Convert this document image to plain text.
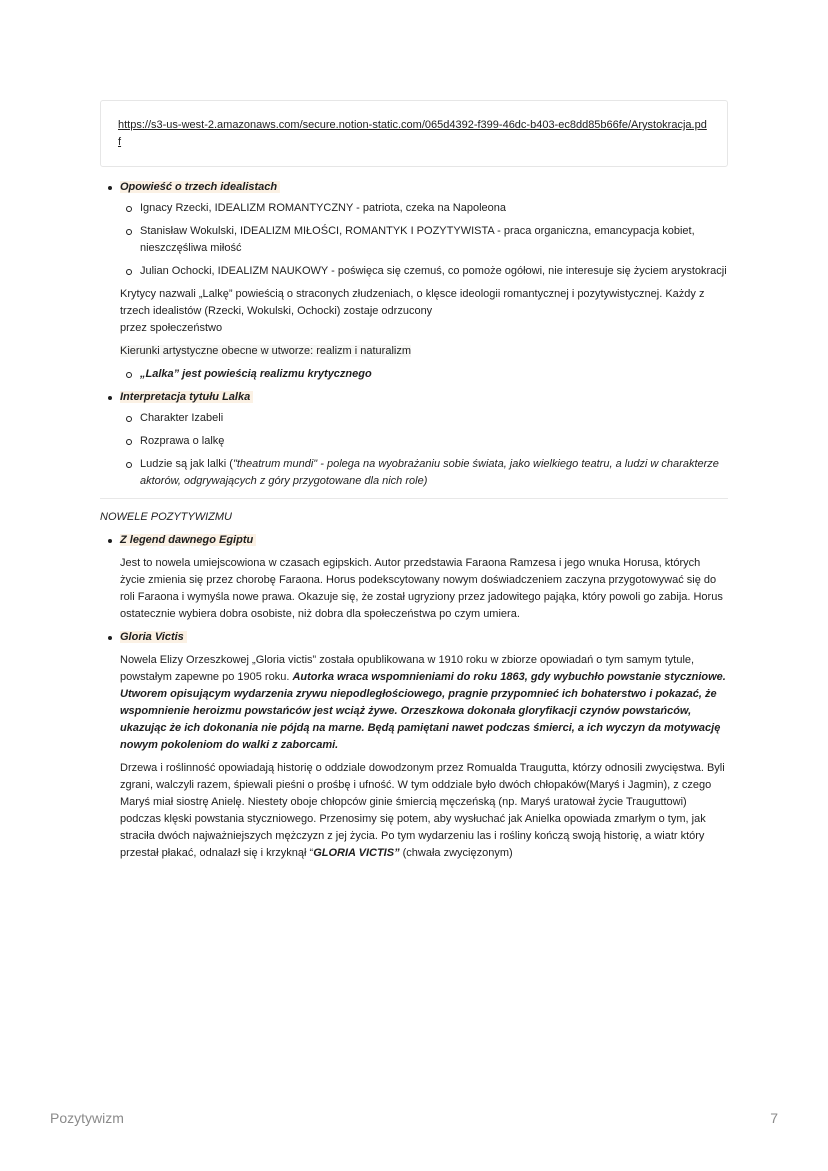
https://s3-us-west-2.amazonaws.com/secure.notion-static.com/065d4392-f399-46dc-b403-ec8dd85b66fe/Arystokracja.pdf
Opowieść o trzech idealistach
Ignacy Rzecki, IDEALIZM ROMANTYCZNY - patriota, czeka na Napoleona
Stanisław Wokulski, IDEALIZM MIŁOŚCI, ROMANTYK I POZYTYWISTA - praca organiczna, emancypacja kobiet, nieszczęśliwa miłość
Julian Ochocki, IDEALIZM NAUKOWY - poświęca się czemuś, co pomoże ogółowi, nie interesuje się życiem arystokracji
Krytycy nazwali „Lalkę” powieścią o straconych złudzeniach, o klęsce ideologii romantycznej i pozytywistycznej. Każdy z trzech idealistów (Rzecki, Wokulski, Ochocki) zostaje odrzucony
przez społeczeństwo
Kierunki artystyczne obecne w utworze: realizm i naturalizm
„Lalka” jest powieścią realizmu krytycznego
Interpretacja tytułu Lalka
Charakter Izabeli
Rozprawa o lalkę
Ludzie są jak lalki ("theatrum mundi" - polega na wyobrażaniu sobie świata, jako wielkiego teatru, a ludzi w charakterze aktorów, odgrywających z góry przygotowane dla nich role)
NOWELE POZYTYWIZMU
Z legend dawnego Egiptu
Jest to nowela umiejscowiona w czasach egipskich. Autor przedstawia Faraona Ramzesa i jego wnuka Horusa, których życie zmienia się przez chorobę Faraona. Horus podekscytowany nowym doświadczeniem zaczyna przygotowywać się do roli Faraona i wymyśla nowe prawa. Okazuje się, że został ugryziony przez jadowitego pająka, który powoli go zabija. Horus ostatecznie wybiera dobra osobiste, niż dobra dla społeczeństwa po czym umiera.
Gloria Victis
Nowela Elizy Orzeszkowej „Gloria victis” została opublikowana w 1910 roku w zbiorze opowiadań o tym samym tytule, powstałym zapewne po 1905 roku. Autorka wraca wspomnieniami do roku 1863, gdy wybuchło powstanie styczniowe. Utworem opisującym wydarzenia zrywu niepodległościowego, pragnie przypomnieć ich bohaterstwo i pokazać, że wspomnienie heroizmu powstańców jest wciąż żywe. Orzeszkowa dokonała gloryfikacji czynów powstańców, ukazując że ich dokonania nie pójdą na marne. Będą pamiętani nawet podczas śmierci, a ich wyczyn da motywację nowym pokoleniom do walki z zaborcami.
Drzewa i roślinność opowiadają historię o oddziale dowodzonym przez Romualda Traugutta, którzy odnosili zwycięstwa. Byli zgrani, walczyli razem, śpiewali pieśni o prośbę i ufność. W tym oddziale było dwóch chłopaków(Maryś i Jagmin), z czego Maryś miał siostrę Anielę. Niestety oboje chłopców ginie śmiercią męczeńską (np. Maryś uratował życie Trauguttowi) podczas klęski powstania styczniowego. Przenosimy się potem, aby wysłuchać jak Anielka opowiada zmarłym o tym, jak straciła dwóch najważniejszych mężczyzn z jej życia. Po tym wydarzeniu las i rośliny kończą swoją historię, a wiatr który przestał płakać, odnalazł się i krzyknął “GLORIA VICTIS” (chwała zwycięzonym)
Pozytywizm	7
